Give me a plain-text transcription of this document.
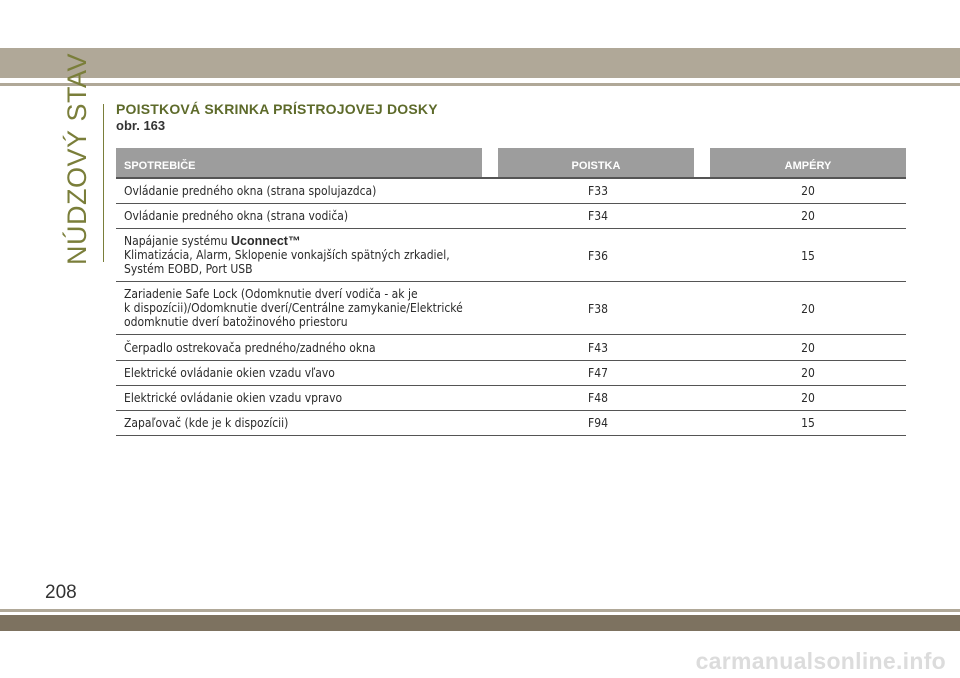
NÚDZOVÝ STAV POISTKOVÁ SKRINKA PRÍSTROJOVEJ DOSKY
obr. 163
SPOTREBIČE	POISTKA	AMPÉRY
Ovládanie predného okna (strana spolujazdca)	F33	20
Ovládanie predného okna (strana vodiča)	F34	20
Napájanie systému Uconnect™
Klimatizácia, Alarm, Sklopenie vonkajších spätných zrkadiel,
Systém EOBD, Port USB
F36	15
Zariadenie Safe Lock (Odomknutie dverí vodiča - ak je
k dispozícii)/Odomknutie dverí/Centrálne zamykanie/Elektrické
odomknutie dverí batožinového priestoru
F38	20
Čerpadlo ostrekovača predného/zadného okna	F43	20
Elektrické ovládanie okien vzadu vľavo	F47	20
Elektrické ovládanie okien vzadu vpravo	F48	20
Zapaľovač (kde je k dispozícii)	F94	15
208
carmanualsonline.info
